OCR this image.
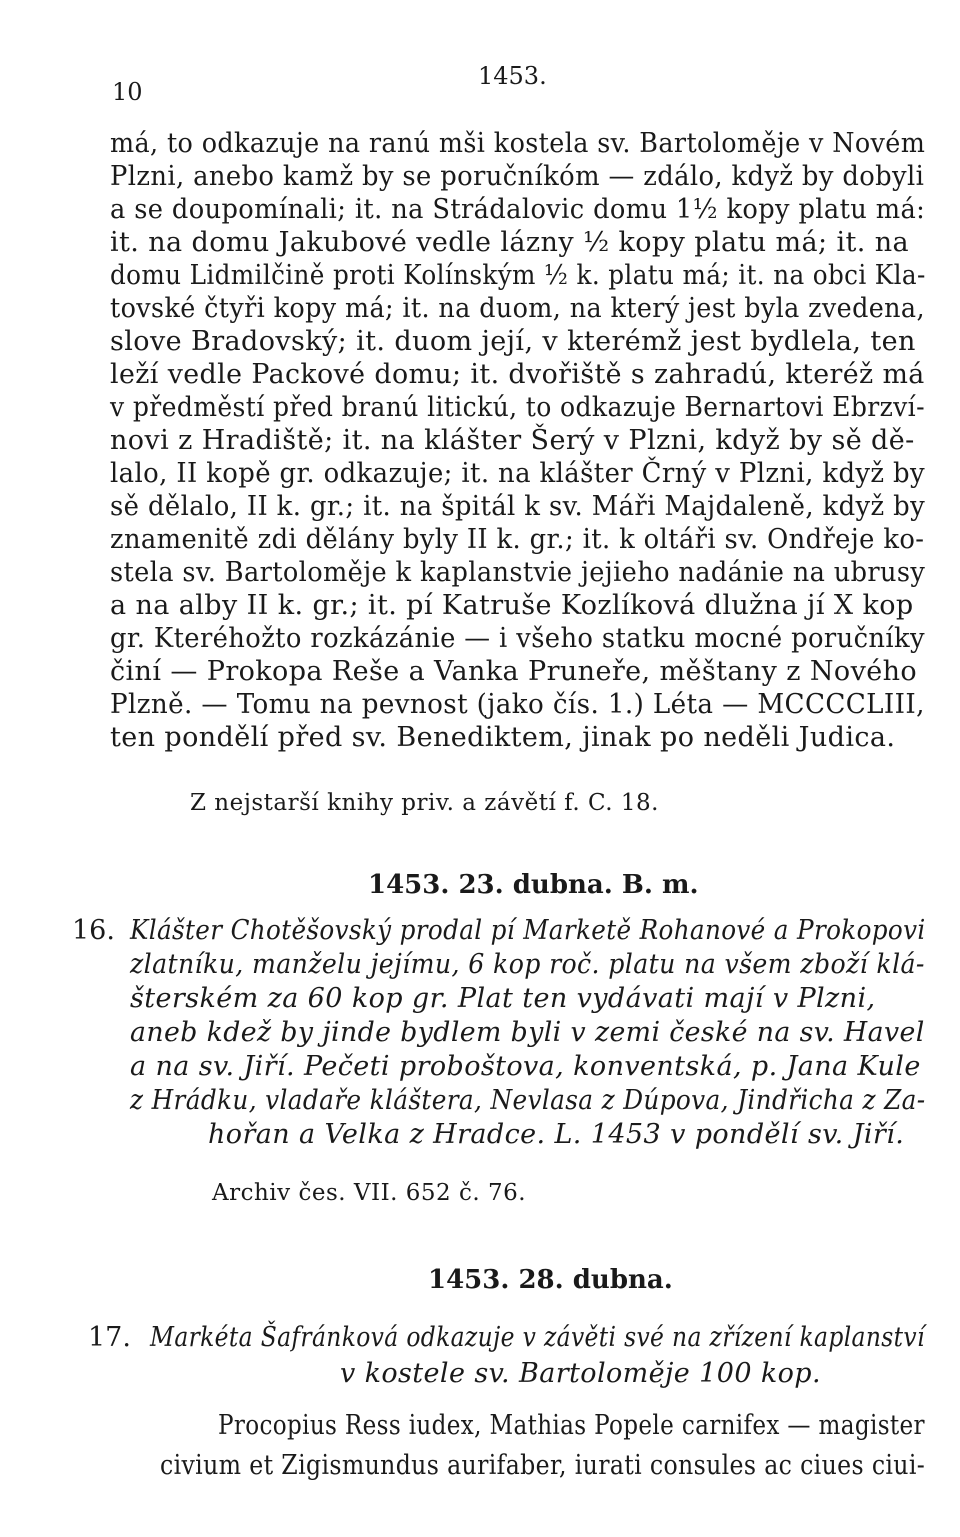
10
1453.
má, to odkazuje na ranú mši kostela sv. Bartoloměje v Novém
Plzni, anebo kamž by se poručníkóm — zdálo, když by dobyli
a se doupomínali; it. na Strádalovic domu 1½ kopy platu má:
it. na domu Jakubové vedle lázny ½ kopy platu má; it. na
domu Lidmilčině proti Kolínským ½ k. platu má; it. na obci Kla-
tovské čtyři kopy má; it. na duom, na který jest byla zvedena,
slove Bradovský; it. duom její, v kterémž jest bydlela, ten
leží vedle Packové domu; it. dvořiště s zahradú, kteréž má
v předměstí před branú litickú, to odkazuje Bernartovi Ebrzví-
novi z Hradiště; it. na klášter Šerý v Plzni, když by sě dě-
lalo, II kopě gr. odkazuje; it. na klášter Črný v Plzni, když by
sě dělalo, II k. gr.; it. na špitál k sv. Máři Majdaleně, když by
znamenitě zdi dělány byly II k. gr.; it. k oltáři sv. Ondřeje ko-
stela sv. Bartoloměje k kaplanstvie jejieho nadánie na ubrusy
a na alby II k. gr.; it. pí Katruše Kozlíková dlužna jí X kop
gr. Kteréhožto rozkázánie — i všeho statku mocné poručníky
činí — Prokopa Reše a Vanka Pruneře, měštany z Nového
Plzně. — Tomu na pevnost (jako čís. 1.) Léta — MCCCCLIII,
ten pondělí před sv. Benediktem, jinak po neděli Judica.
Z nejstarší knihy priv. a závětí f. C. 18.
1453. 23. dubna. B. m.
16. Klášter Chotěšovský prodal pí Marketě Rohanové a Prokopovi
zlatníku, manželu jejímu, 6 kop roč. platu na všem zboží klá-
šterském za 60 kop gr. Plat ten vydávati mají v Plzni,
aneb kdež by jinde bydlem byli v zemi české na sv. Havel
a na sv. Jiří. Pečeti proboštova, konventská, p. Jana Kule
z Hrádku, vladaře kláštera, Nevlasa z Dúpova, Jindřicha z Za-
hořan a Velka z Hradce. L. 1453 v pondělí sv. Jiří.
Archiv čes. VII. 652 č. 76.
1453. 28. dubna.
17. Markéta Šafránková odkazuje v závěti své na zřízení kaplanství
v kostele sv. Bartoloměje 100 kop.
Procopius Ress iudex, Mathias Popele carnifex — magister
civium et Zigismundus aurifaber, iurati consules ac ciues ciui-
